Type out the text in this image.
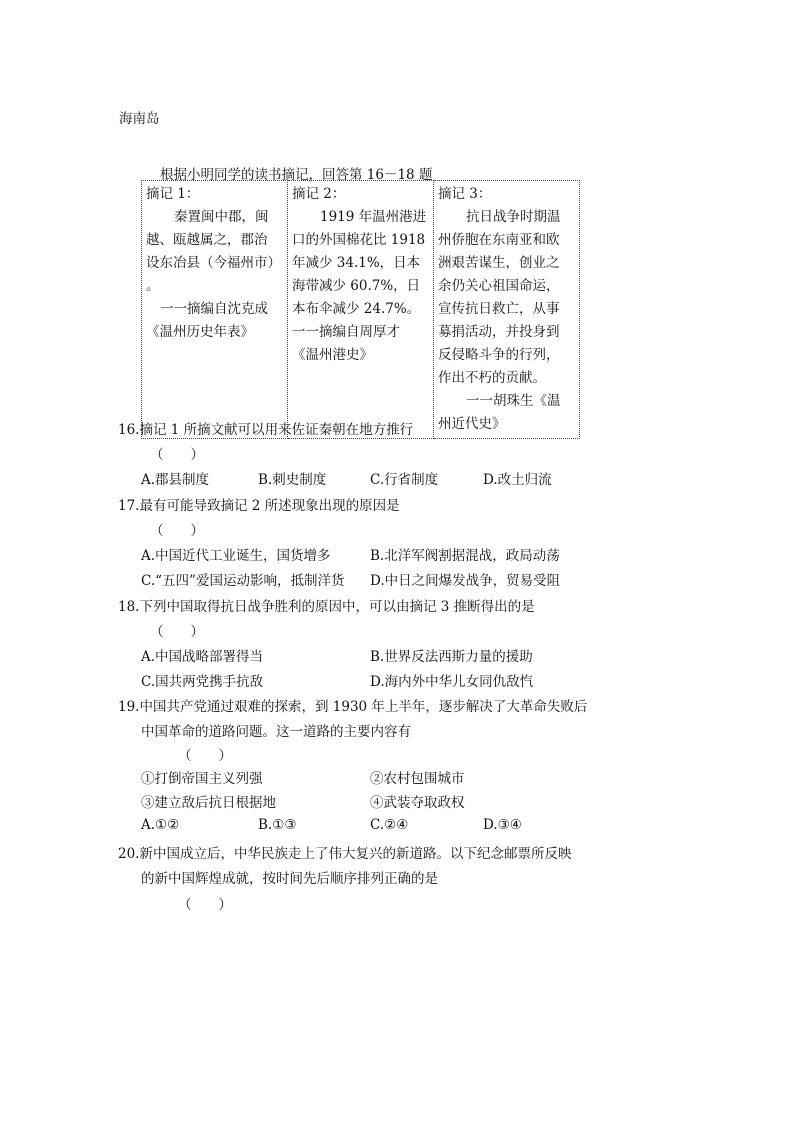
海南岛
根据小明同学的读书摘记，回答第 16－18 题
摘记 1：
秦置闽中郡，闽
越、瓯越属之，郡治
设东冶县（今福州市）
。
一一摘编自沈克成
《温州历史年表》

摘记 2：
1919 年温州港进
口的外国棉花比 1918
年减少 34.1%，日本
海带减少 60.7%，日
本布伞减少 24.7%。
一一摘编自周厚才
《温州港史》

摘记 3：
抗日战争时期温
州侨胞在东南亚和欧
洲艰苦谋生，创业之
余仍关心祖国命运，
宣传抗日救亡，从事
募捐活动，并投身到
反侵略斗争的行列，
作出不朽的贡献。
一一胡珠生《温
州近代史》
16.摘记 1 所摘文献可以用来佐证秦朝在地方推行
（　　）
A.郡县制度	B.刺史制度	C.行省制度	D.改土归流
17.最有可能导致摘记 2 所述现象出现的原因是
（　　）
A.中国近代工业诞生，国货增多	B.北洋军阀割据混战，政局动荡
C.“五四”爱国运动影响，抵制洋货 D.中日之间爆发战争，贸易受阻
18.下列中国取得抗日战争胜利的原因中，可以由摘记 3 推断得出的是
（　　）
A.中国战略部署得当	B.世界反法西斯力量的援助
C.国共两党携手抗敌	D.海内外中华儿女同仇敌忾
19.中国共产党通过艰难的探索，到 1930 年上半年，逐步解决了大革命失败后
中国革命的道路问题。这一道路的主要内容有
（　　）
①打倒帝国主义列强	②农村包围城市
③建立敌后抗日根据地	④武装夺取政权
A.①②	B.①③	C.②④	D.③④
20.新中国成立后，中华民族走上了伟大复兴的新道路。以下纪念邮票所反映
的新中国辉煌成就，按时间先后顺序排列正确的是
（　　）
